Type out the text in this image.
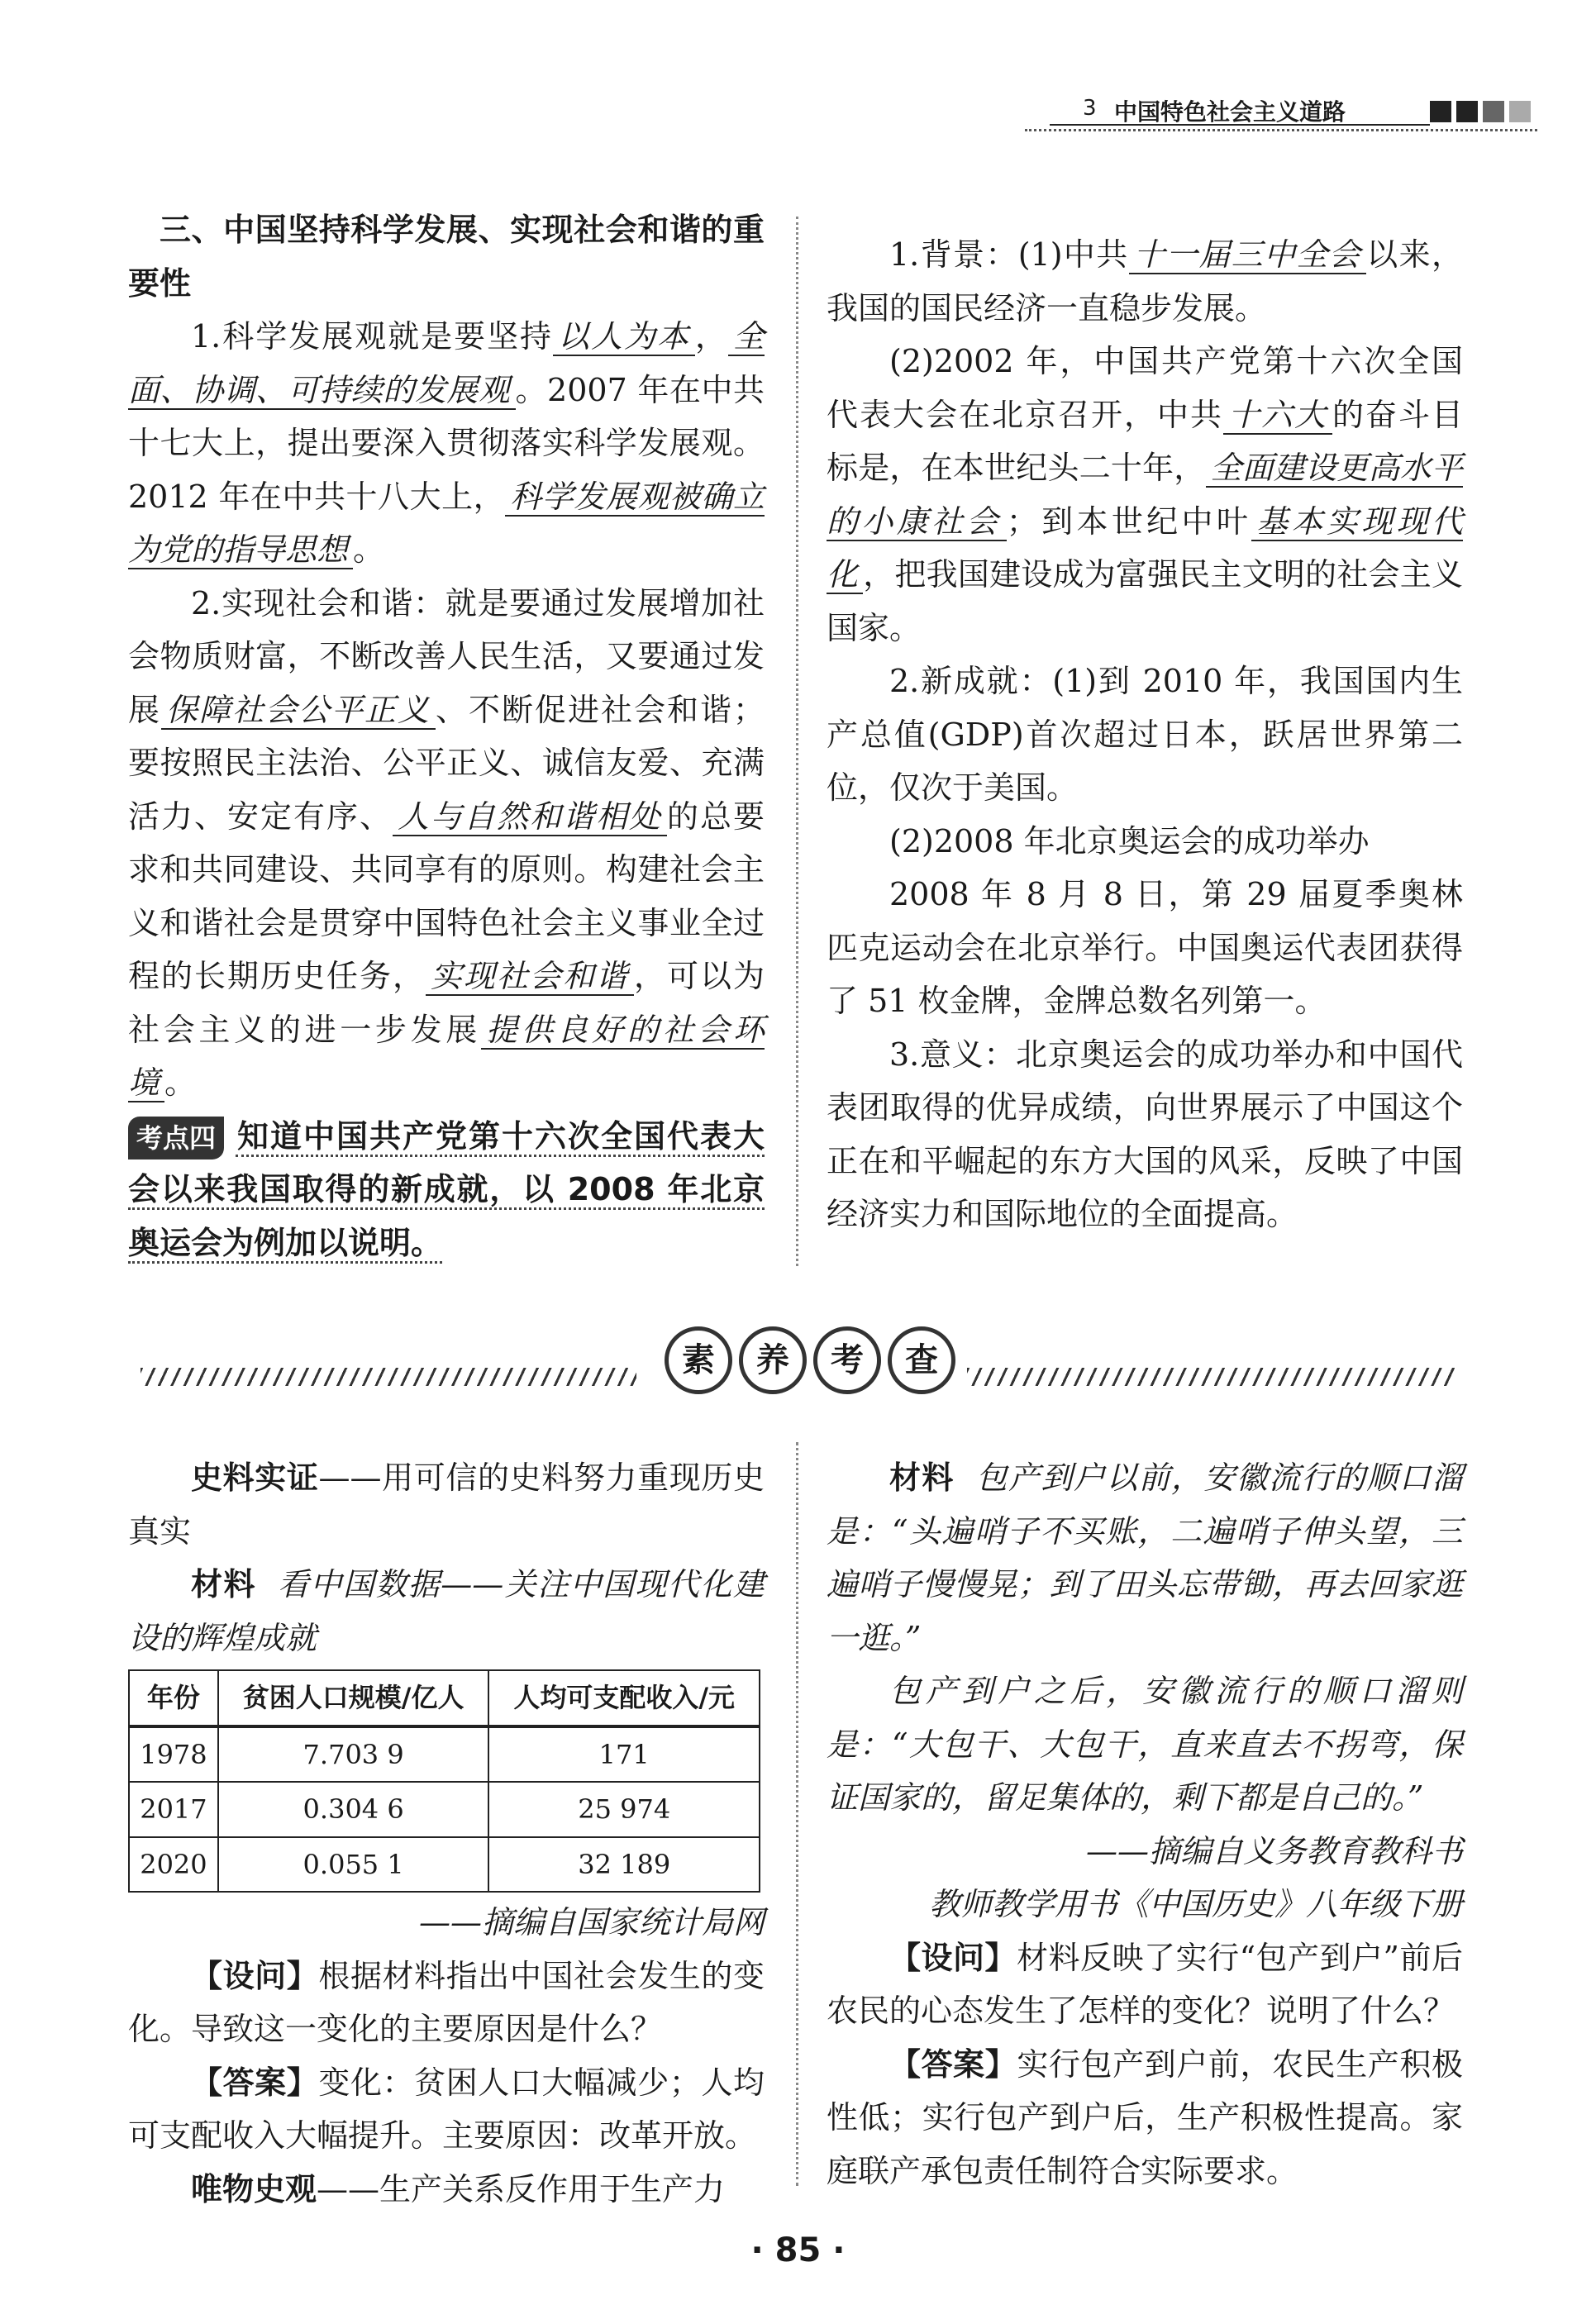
3 中国特色社会主义道路

三、中国坚持科学发展、实现社会和谐的重要性

1.科学发展观就是要坚持 以人为本 ， 全面、协调、可持续的发展观 。2007 年在中共十七大上，提出要深入贯彻落实科学发展观。2012 年在中共十八大上， 科学发展观被确立为党的指导思想 。

2.实现社会和谐：就是要通过发展增加社会物质财富，不断改善人民生活，又要通过发展 保障社会公平正义 、不断促进社会和谐；要按照民主法治、公平正义、诚信友爱、充满活力、安定有序、 人与自然和谐相处 的总要求和共同建设、共同享有的原则。构建社会主义和谐社会是贯穿中国特色社会主义事业全过程的长期历史任务， 实现社会和谐 ，可以为社会主义的进一步发展 提供良好的社会环境 。

考点四 知道中国共产党第十六次全国代表大会以来我国取得的新成就，以 2008 年北京奥运会为例加以说明。

1.背景：(1)中共 十一届三中全会 以来，我国的国民经济一直稳步发展。

(2)2002 年，中国共产党第十六次全国代表大会在北京召开，中共 十六大 的奋斗目标是，在本世纪头二十年， 全面建设更高水平的小康社会 ；到本世纪中叶 基本实现现代化 ，把我国建设成为富强民主文明的社会主义国家。

2.新成就：(1)到 2010 年，我国国内生产总值(GDP)首次超过日本，跃居世界第二位，仅次于美国。

(2)2008 年北京奥运会的成功举办

2008 年 8 月 8 日，第 29 届夏季奥林匹克运动会在北京举行。中国奥运代表团获得了 51 枚金牌，金牌总数名列第一。

3.意义：北京奥运会的成功举办和中国代表团取得的优异成绩，向世界展示了中国这个正在和平崛起的东方大国的风采，反映了中国经济实力和国际地位的全面提高。

素 养 考 查

史料实证——用可信的史料努力重现历史真实

材料 看中国数据——关注中国现代化建设的辉煌成就

年份	贫困人口规模/亿人	人均可支配收入/元
1978	7.703 9	171
2017	0.304 6	25 974
2020	0.055 1	32 189

——摘编自国家统计局网

【设问】根据材料指出中国社会发生的变化。导致这一变化的主要原因是什么？

【答案】变化：贫困人口大幅减少；人均可支配收入大幅提升。主要原因：改革开放。

唯物史观——生产关系反作用于生产力

材料 包产到户以前，安徽流行的顺口溜是：“头遍哨子不买账，二遍哨子伸头望，三遍哨子慢慢晃；到了田头忘带锄，再去回家逛一逛。”

包产到户之后，安徽流行的顺口溜则是：“大包干、大包干，直来直去不拐弯，保证国家的，留足集体的，剩下都是自己的。”

——摘编自义务教育教科书

教师教学用书《中国历史》八年级下册

【设问】材料反映了实行“包产到户”前后农民的心态发生了怎样的变化？说明了什么？

【答案】实行包产到户前，农民生产积极性低；实行包产到户后，生产积极性提高。家庭联产承包责任制符合实际要求。

· 85 ·
